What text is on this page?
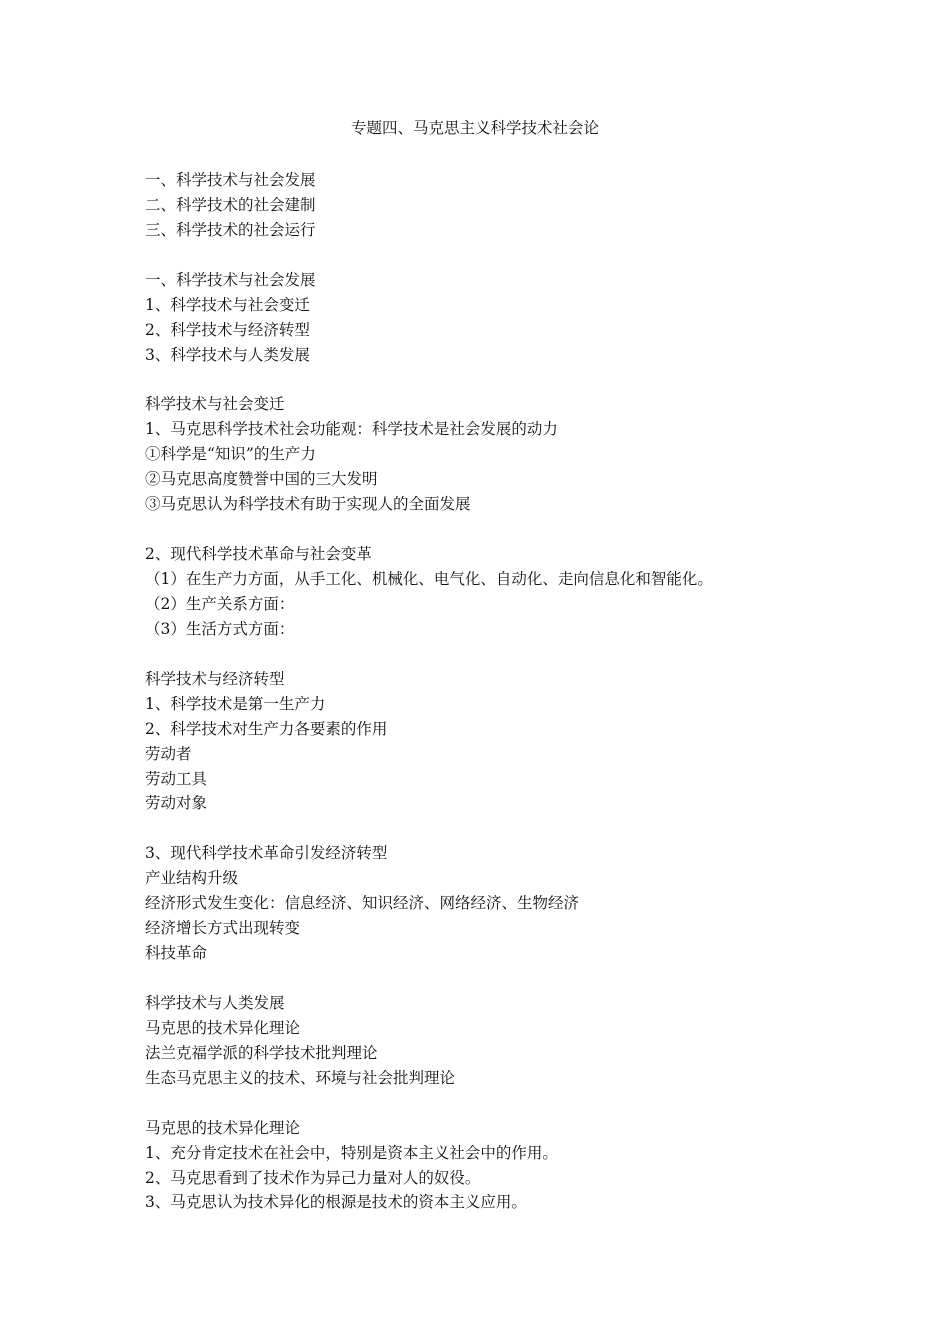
专题四、马克思主义科学技术社会论
一、科学技术与社会发展
二、科学技术的社会建制
三、科学技术的社会运行
一、科学技术与社会发展
1、科学技术与社会变迁
2、科学技术与经济转型
3、科学技术与人类发展
科学技术与社会变迁
1、马克思科学技术社会功能观：科学技术是社会发展的动力
①科学是“知识”的生产力
②马克思高度赞誉中国的三大发明
③马克思认为科学技术有助于实现人的全面发展
2、现代科学技术革命与社会变革
（1）在生产力方面，从手工化、机械化、电气化、自动化、走向信息化和智能化。
（2）生产关系方面：
（3）生活方式方面：
科学技术与经济转型
1、科学技术是第一生产力
2、科学技术对生产力各要素的作用
劳动者
劳动工具
劳动对象
3、现代科学技术革命引发经济转型
产业结构升级
经济形式发生变化：信息经济、知识经济、网络经济、生物经济
经济增长方式出现转变
科技革命
科学技术与人类发展
马克思的技术异化理论
法兰克福学派的科学技术批判理论
生态马克思主义的技术、环境与社会批判理论
马克思的技术异化理论
1、充分肯定技术在社会中，特别是资本主义社会中的作用。
2、马克思看到了技术作为异己力量对人的奴役。
3、马克思认为技术异化的根源是技术的资本主义应用。
